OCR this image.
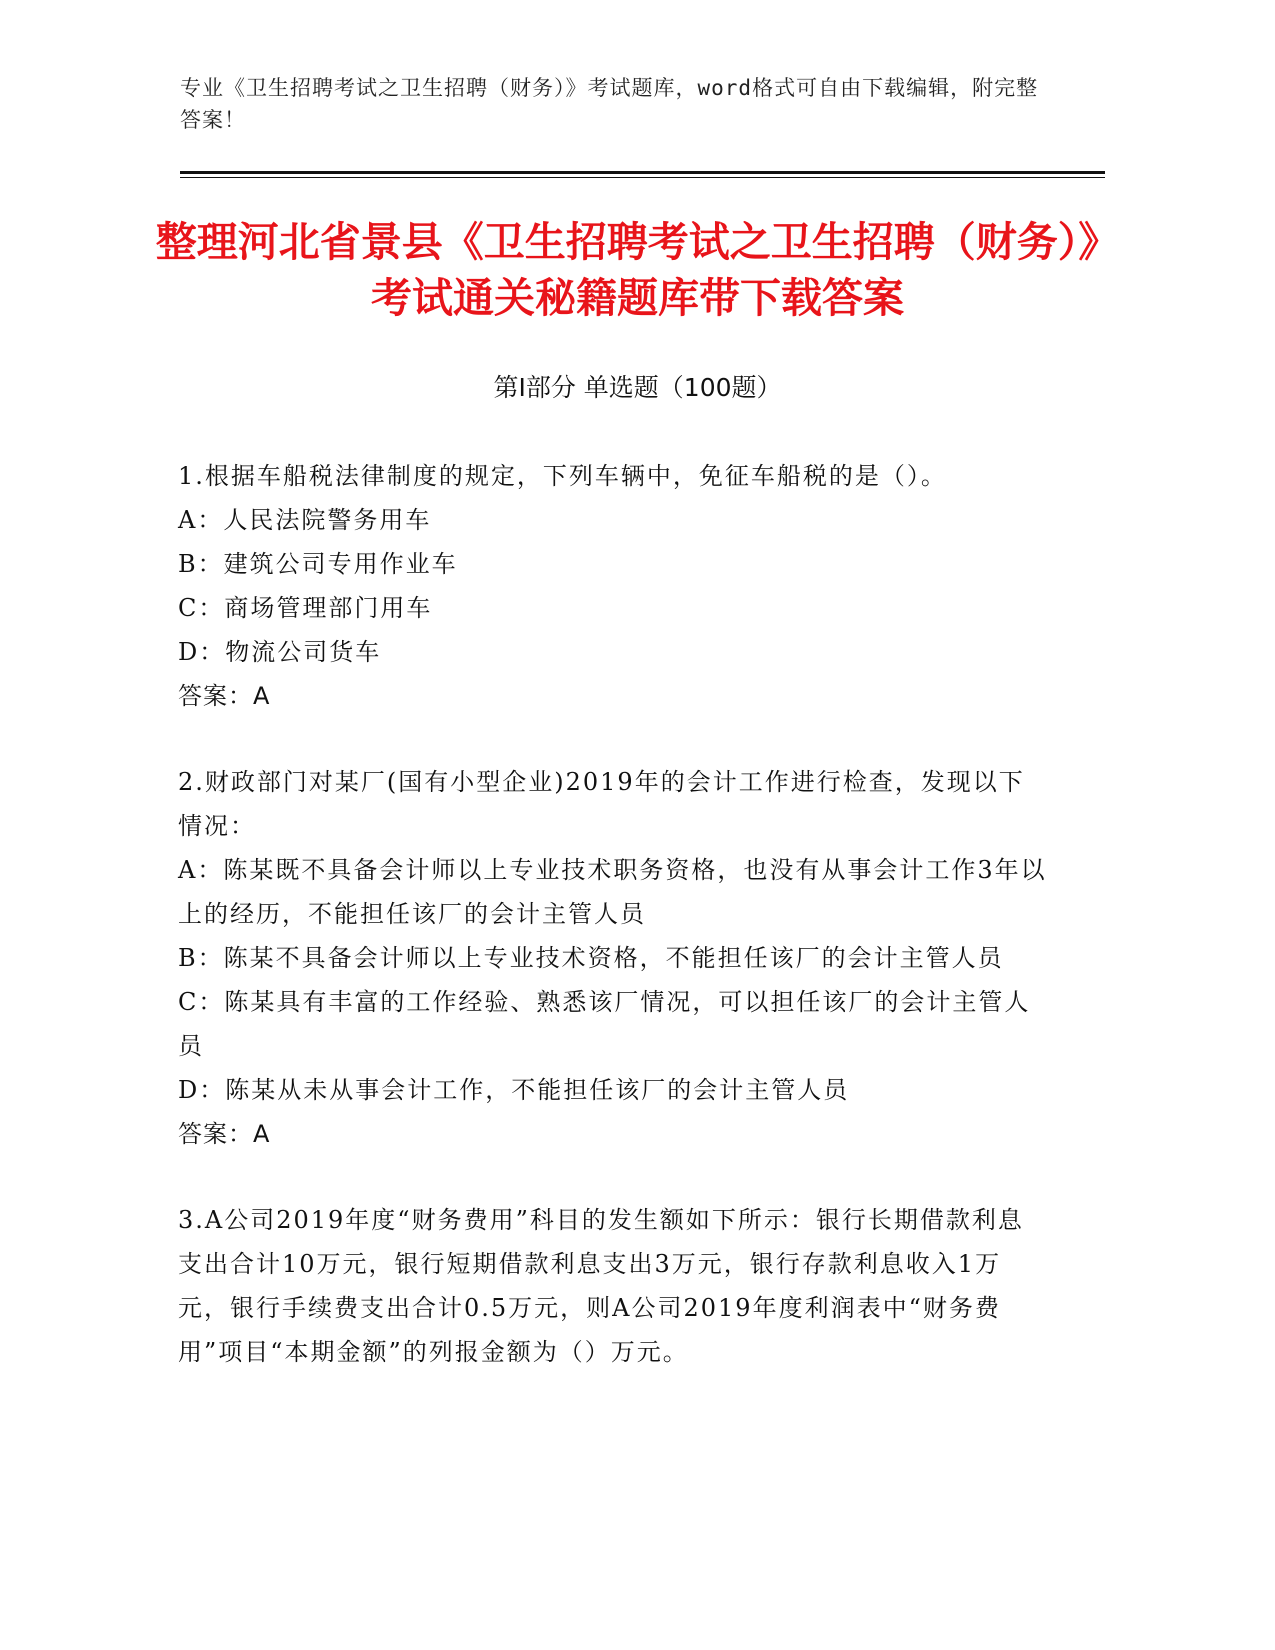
专业《卫生招聘考试之卫生招聘（财务）》考试题库，word格式可自由下载编辑，附完整答案！
整理河北省景县《卫生招聘考试之卫生招聘（财务）》考试通关秘籍题库带下载答案
第Ⅰ部分 单选题（100题）
1.根据车船税法律制度的规定，下列车辆中，免征车船税的是（）。
A：人民法院警务用车
B：建筑公司专用作业车
C：商场管理部门用车
D：物流公司货车
答案：A
2.财政部门对某厂(国有小型企业)2019年的会计工作进行检查，发现以下情况：
A：陈某既不具备会计师以上专业技术职务资格，也没有从事会计工作3年以上的经历，不能担任该厂的会计主管人员
B：陈某不具备会计师以上专业技术资格，不能担任该厂的会计主管人员
C：陈某具有丰富的工作经验、熟悉该厂情况，可以担任该厂的会计主管人员
D：陈某从未从事会计工作，不能担任该厂的会计主管人员
答案：A
3.A公司2019年度“财务费用”科目的发生额如下所示：银行长期借款利息支出合计10万元，银行短期借款利息支出3万元，银行存款利息收入1万元，银行手续费支出合计0.5万元，则A公司2019年度利润表中“财务费用”项目“本期金额”的列报金额为（）万元。
